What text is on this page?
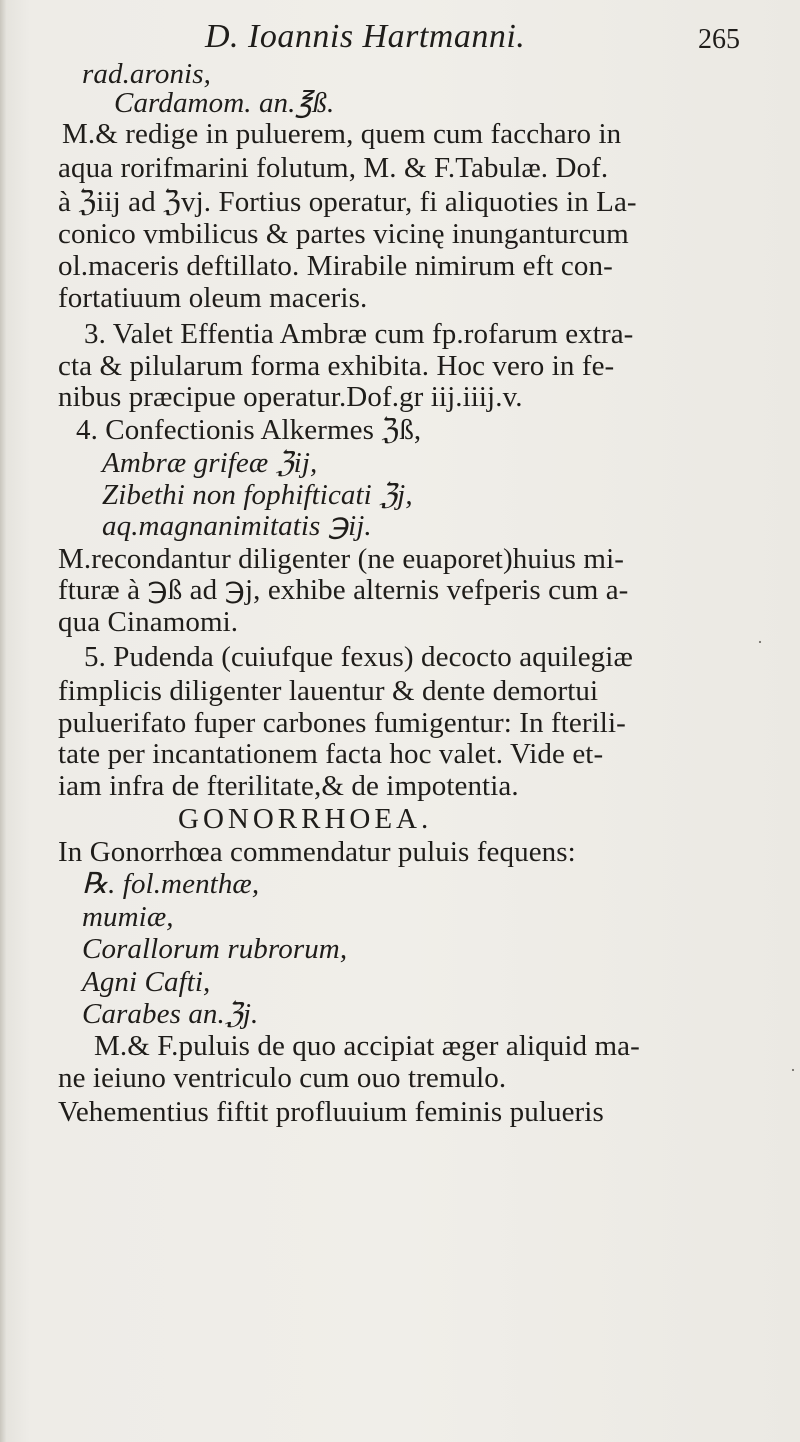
D. Ioannis Hartmanni.	265
rad.aronis,
Cardamom. an.℥ß.
M.& redige in puluerem, quem cum faccharo in
aqua rorifmarini folutum, M. & F.Tabulæ. Dof.
à ℨiij ad ℨvj. Fortius operatur, fi aliquoties in La-
conico vmbilicus & partes vicinę inunganturcum
ol.maceris deftillato. Mirabile nimirum eft con-
fortatiuum oleum maceris.
3. Valet Effentia Ambræ cum fp.rofarum extra-
cta & pilularum forma exhibita. Hoc vero in fe-
nibus præcipue operatur.Dof.gr iij.iiij.v.
4. Confectionis Alkermes ℨß,
Ambræ grifeæ ℨij,
Zibethi non fophifticati ℨj,
aq.magnanimitatis ℈ij.
M.recondantur diligenter (ne euaporet)huius mi-
fturæ à ℈ß ad ℈j, exhibe alternis vefperis cum a-
qua Cinamomi.
5. Pudenda (cuiufque fexus) decocto aquilegiæ
fimplicis diligenter lauentur & dente demortui
puluerifato fuper carbones fumigentur: In fterili-
tate per incantationem facta hoc valet. Vide et-
iam infra de fterilitate,& de impotentia.
GONORRHOEA.
In Gonorrhœa commendatur puluis fequens:
℞. fol.menthæ,
mumiæ,
Corallorum rubrorum,
Agni Cafti,
Carabes an.ℨj.
M.& F.puluis de quo accipiat æger aliquid ma-
ne ieiuno ventriculo cum ouo tremulo.
Vehementius fiftit profluuium feminis pulueris
·
·
